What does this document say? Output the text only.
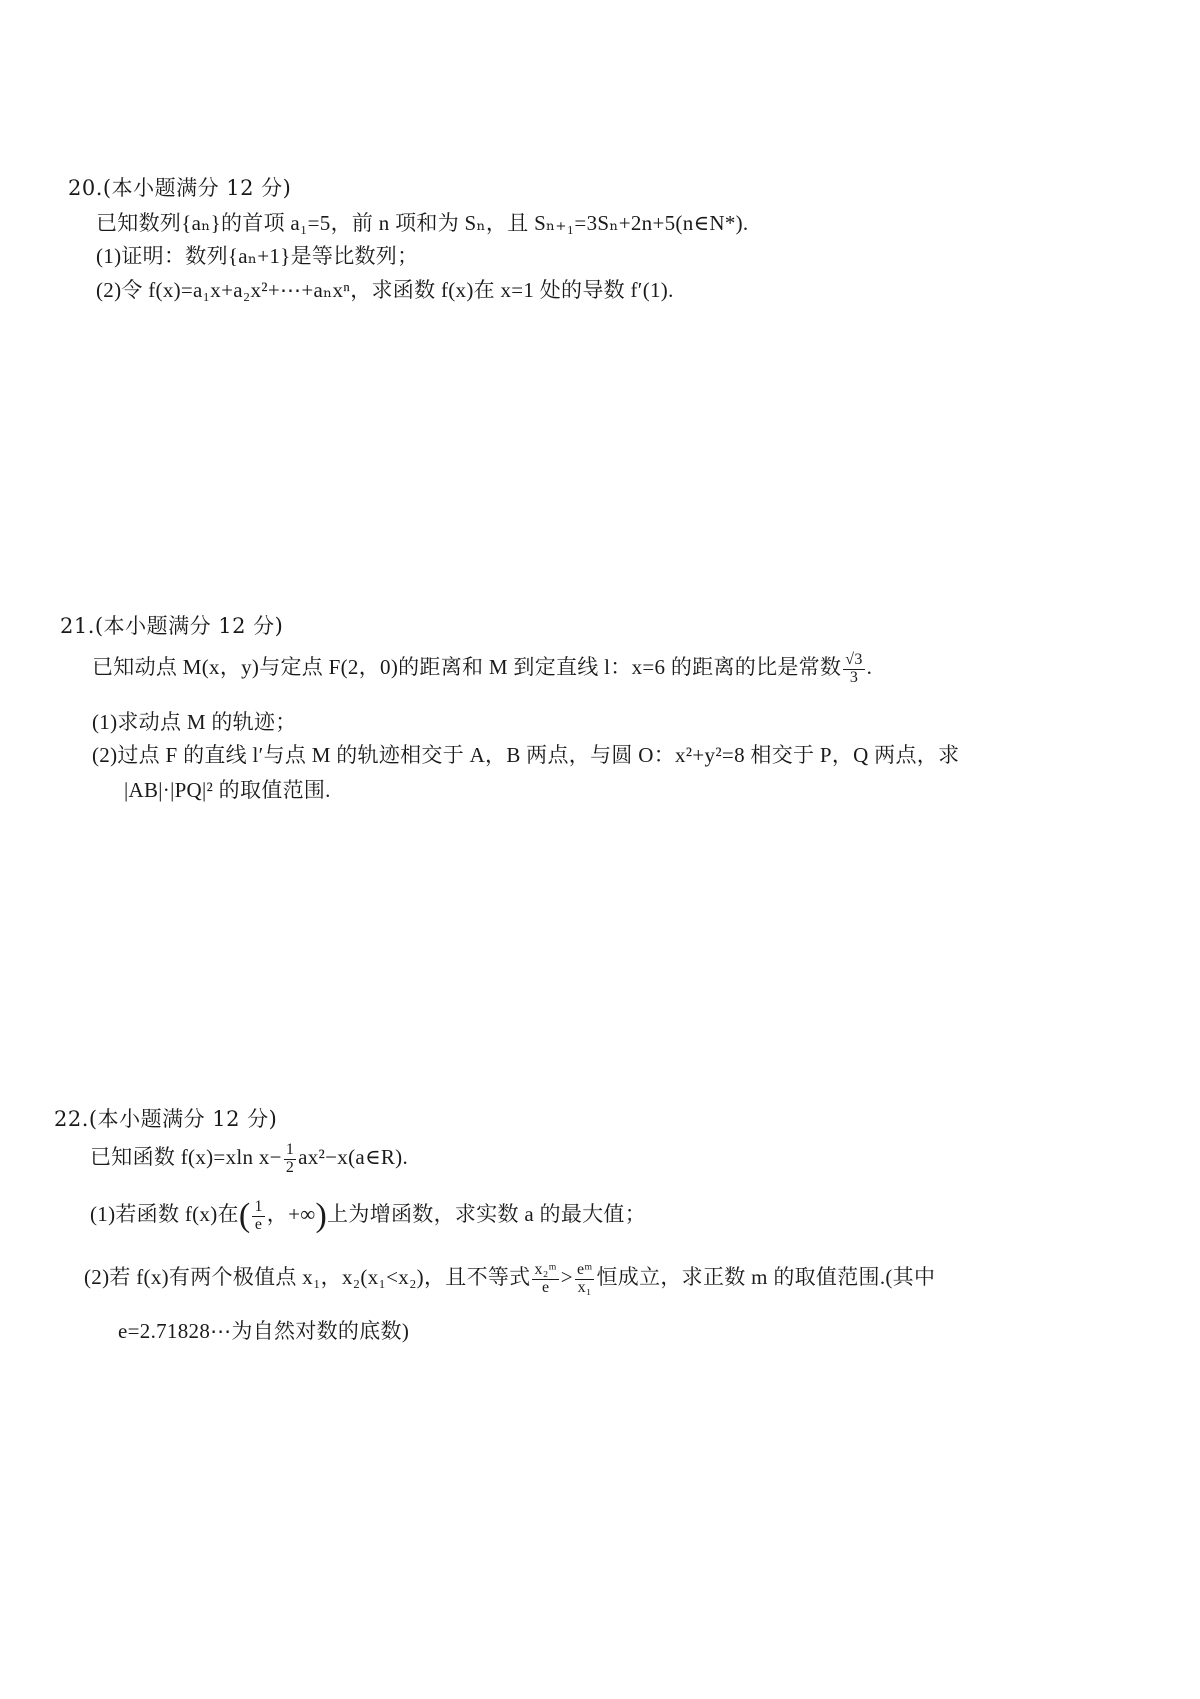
20.(本小题满分 12 分)
已知数列{aₙ}的首项 a₁=5，前 n 项和为 Sₙ，且 Sₙ₊₁=3Sₙ+2n+5(n∈N*).
(1)证明：数列{aₙ+1}是等比数列；
(2)令 f(x)=a₁x+a₂x²+⋯+aₙxⁿ，求函数 f(x)在 x=1 处的导数 f′(1).
21.(本小题满分 12 分)
已知动点 M(x，y)与定点 F(2，0)的距离和 M 到定直线 l：x=6 的距离的比是常数 $\frac{√3}{3}$ .
(1)求动点 M 的轨迹；
(2)过点 F 的直线 l′与点 M 的轨迹相交于 A，B 两点，与圆 O：x²+y²=8 相交于 P，Q 两点，求
|AB|·|PQ|² 的取值范围.
22.(本小题满分 12 分)
已知函数 f(x)=xln $x- \frac{1}{2}$ ax²−x(a∈R).
(1)若函数 f(x)在( $\frac{1}{e}$ ，+∞)上为增函数，求实数 a 的最大值；
(2)若 f(x)有两个极值点 x₁，x₂(x₁<x₂)，且不等式 $\frac{\text{x₂ᵐ}}{e} > \frac{\text{eᵐ}}{\text{x₁}}$ 恒成立，求正数 m 的取值范围.(其中
e=2.71828⋯为自然对数的底数)
